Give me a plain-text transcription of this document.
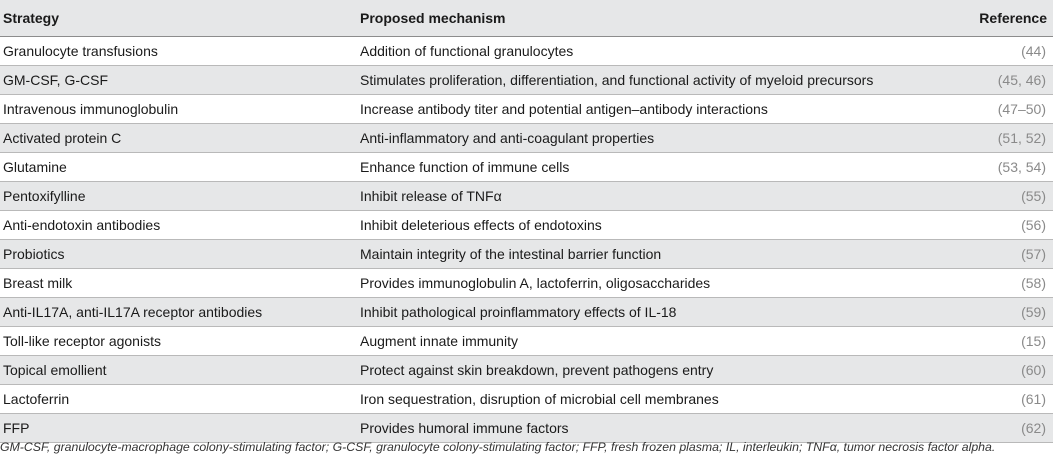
Strategy	Proposed mechanism	Reference
Granulocyte transfusions	Addition of functional granulocytes	(44)
GM-CSF, G-CSF	Stimulates proliferation, differentiation, and functional activity of myeloid precursors	(45, 46)
Intravenous immunoglobulin	Increase antibody titer and potential antigen–antibody interactions	(47–50)
Activated protein C	Anti-inflammatory and anti-coagulant properties	(51, 52)
Glutamine	Enhance function of immune cells	(53, 54)
Pentoxifylline	Inhibit release of TNFα	(55)
Anti-endotoxin antibodies	Inhibit deleterious effects of endotoxins	(56)
Probiotics	Maintain integrity of the intestinal barrier function	(57)
Breast milk	Provides immunoglobulin A, lactoferrin, oligosaccharides	(58)
Anti-IL17A, anti-IL17A receptor antibodies	Inhibit pathological proinflammatory effects of IL-18	(59)
Toll-like receptor agonists	Augment innate immunity	(15)
Topical emollient	Protect against skin breakdown, prevent pathogens entry	(60)
Lactoferrin	Iron sequestration, disruption of microbial cell membranes	(61)
FFP	Provides humoral immune factors	(62)
GM-CSF, granulocyte-macrophage colony-stimulating factor; G-CSF, granulocyte colony-stimulating factor; FFP, fresh frozen plasma; IL, interleukin; TNFα, tumor necrosis factor alpha.
